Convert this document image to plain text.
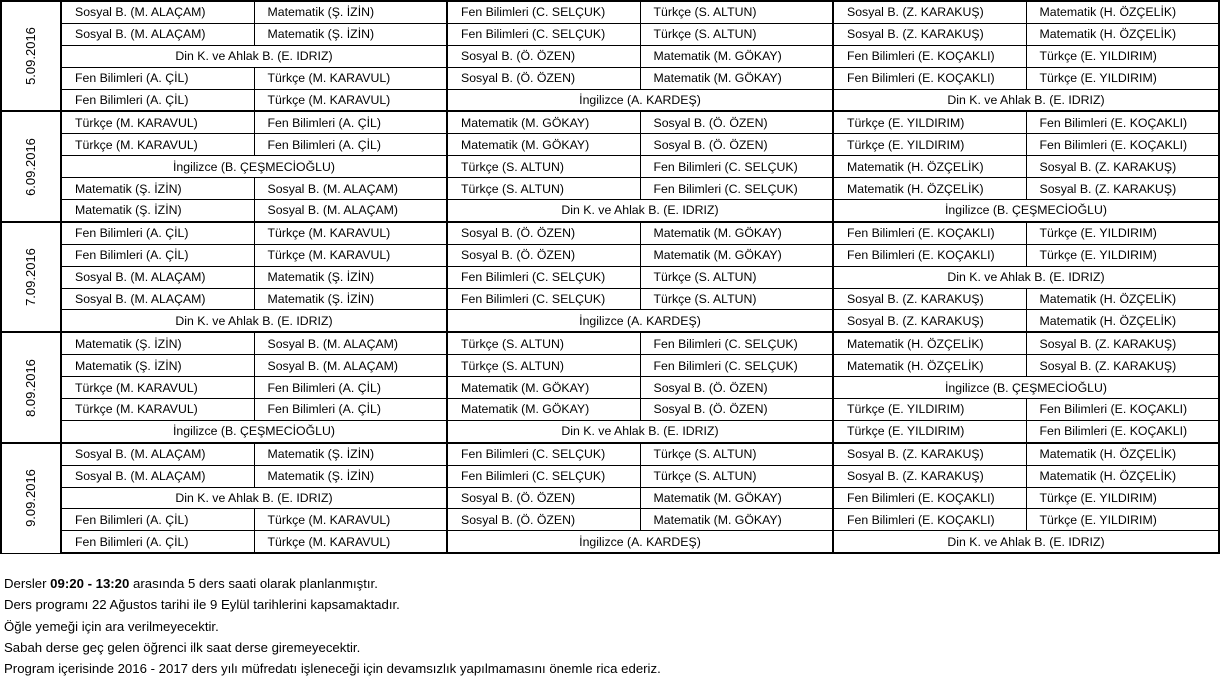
5.09.2016	Sosyal B. (M. ALAÇAM)	Matematik (Ş. İZİN)	Fen Bilimleri (C. SELÇUK)	Türkçe (S. ALTUN)	Sosyal B. (Z. KARAKUŞ)	Matematik (H. ÖZÇELİK)
	Sosyal B. (M. ALAÇAM)	Matematik (Ş. İZİN)	Fen Bilimleri (C. SELÇUK)	Türkçe (S. ALTUN)	Sosyal B. (Z. KARAKUŞ)	Matematik (H. ÖZÇELİK)
	Din K. ve Ahlak B. (E. IDRIZ)		Sosyal B. (Ö. ÖZEN)	Matematik (M. GÖKAY)	Fen Bilimleri (E. KOÇAKLI)	Türkçe (E. YILDIRIM)
	Fen Bilimleri (A. ÇİL)	Türkçe (M. KARAVUL)	Sosyal B. (Ö. ÖZEN)	Matematik (M. GÖKAY)	Fen Bilimleri (E. KOÇAKLI)	Türkçe (E. YILDIRIM)
	Fen Bilimleri (A. ÇİL)	Türkçe (M. KARAVUL)	İngilizce (A. KARDEŞ)		Din K. ve Ahlak B. (E. IDRIZ)	

6.09.2016	Türkçe (M. KARAVUL)	Fen Bilimleri (A. ÇİL)	Matematik (M. GÖKAY)	Sosyal B. (Ö. ÖZEN)	Türkçe (E. YILDIRIM)	Fen Bilimleri (E. KOÇAKLI)
	Türkçe (M. KARAVUL)	Fen Bilimleri (A. ÇİL)	Matematik (M. GÖKAY)	Sosyal B. (Ö. ÖZEN)	Türkçe (E. YILDIRIM)	Fen Bilimleri (E. KOÇAKLI)
	İngilizce (B. ÇEŞMECİOĞLU)		Türkçe (S. ALTUN)	Fen Bilimleri (C. SELÇUK)	Matematik (H. ÖZÇELİK)	Sosyal B. (Z. KARAKUŞ)
	Matematik (Ş. İZİN)	Sosyal B. (M. ALAÇAM)	Türkçe (S. ALTUN)	Fen Bilimleri (C. SELÇUK)	Matematik (H. ÖZÇELİK)	Sosyal B. (Z. KARAKUŞ)
	Matematik (Ş. İZİN)	Sosyal B. (M. ALAÇAM)	Din K. ve Ahlak B. (E. IDRIZ)		İngilizce (B. ÇEŞMECİOĞLU)	

7.09.2016	Fen Bilimleri (A. ÇİL)	Türkçe (M. KARAVUL)	Sosyal B. (Ö. ÖZEN)	Matematik (M. GÖKAY)	Fen Bilimleri (E. KOÇAKLI)	Türkçe (E. YILDIRIM)
	Fen Bilimleri (A. ÇİL)	Türkçe (M. KARAVUL)	Sosyal B. (Ö. ÖZEN)	Matematik (M. GÖKAY)	Fen Bilimleri (E. KOÇAKLI)	Türkçe (E. YILDIRIM)
	Sosyal B. (M. ALAÇAM)	Matematik (Ş. İZİN)	Fen Bilimleri (C. SELÇUK)	Türkçe (S. ALTUN)	Din K. ve Ahlak B. (E. IDRIZ)	
	Sosyal B. (M. ALAÇAM)	Matematik (Ş. İZİN)	Fen Bilimleri (C. SELÇUK)	Türkçe (S. ALTUN)	Sosyal B. (Z. KARAKUŞ)	Matematik (H. ÖZÇELİK)
	Din K. ve Ahlak B. (E. IDRIZ)		İngilizce (A. KARDEŞ)		Sosyal B. (Z. KARAKUŞ)	Matematik (H. ÖZÇELİK)

8.09.2016	Matematik (Ş. İZİN)	Sosyal B. (M. ALAÇAM)	Türkçe (S. ALTUN)	Fen Bilimleri (C. SELÇUK)	Matematik (H. ÖZÇELİK)	Sosyal B. (Z. KARAKUŞ)
	Matematik (Ş. İZİN)	Sosyal B. (M. ALAÇAM)	Türkçe (S. ALTUN)	Fen Bilimleri (C. SELÇUK)	Matematik (H. ÖZÇELİK)	Sosyal B. (Z. KARAKUŞ)
	Türkçe (M. KARAVUL)	Fen Bilimleri (A. ÇİL)	Matematik (M. GÖKAY)	Sosyal B. (Ö. ÖZEN)	İngilizce (B. ÇEŞMECİOĞLU)	
	Türkçe (M. KARAVUL)	Fen Bilimleri (A. ÇİL)	Matematik (M. GÖKAY)	Sosyal B. (Ö. ÖZEN)	Türkçe (E. YILDIRIM)	Fen Bilimleri (E. KOÇAKLI)
	İngilizce (B. ÇEŞMECİOĞLU)		Din K. ve Ahlak B. (E. IDRIZ)		Türkçe (E. YILDIRIM)	Fen Bilimleri (E. KOÇAKLI)

9.09.2016	Sosyal B. (M. ALAÇAM)	Matematik (Ş. İZİN)	Fen Bilimleri (C. SELÇUK)	Türkçe (S. ALTUN)	Sosyal B. (Z. KARAKUŞ)	Matematik (H. ÖZÇELİK)
	Sosyal B. (M. ALAÇAM)	Matematik (Ş. İZİN)	Fen Bilimleri (C. SELÇUK)	Türkçe (S. ALTUN)	Sosyal B. (Z. KARAKUŞ)	Matematik (H. ÖZÇELİK)
	Din K. ve Ahlak B. (E. IDRIZ)		Sosyal B. (Ö. ÖZEN)	Matematik (M. GÖKAY)	Fen Bilimleri (E. KOÇAKLI)	Türkçe (E. YILDIRIM)
	Fen Bilimleri (A. ÇİL)	Türkçe (M. KARAVUL)	Sosyal B. (Ö. ÖZEN)	Matematik (M. GÖKAY)	Fen Bilimleri (E. KOÇAKLI)	Türkçe (E. YILDIRIM)
	Fen Bilimleri (A. ÇİL)	Türkçe (M. KARAVUL)	İngilizce (A. KARDEŞ)		Din K. ve Ahlak B. (E. IDRIZ)	

Dersler 09:20 - 13:20 arasında 5 ders saati olarak planlanmıştır.

Ders programı 22 Ağustos tarihi ile 9 Eylül tarihlerini kapsamaktadır.

Öğle yemeği için ara verilmeyecektir.

Sabah derse geç gelen öğrenci ilk saat derse giremeyecektir.

Program içerisinde 2016 - 2017 ders yılı müfredatı işleneceği için devamsızlık yapılmamasını önemle rica ederiz.
